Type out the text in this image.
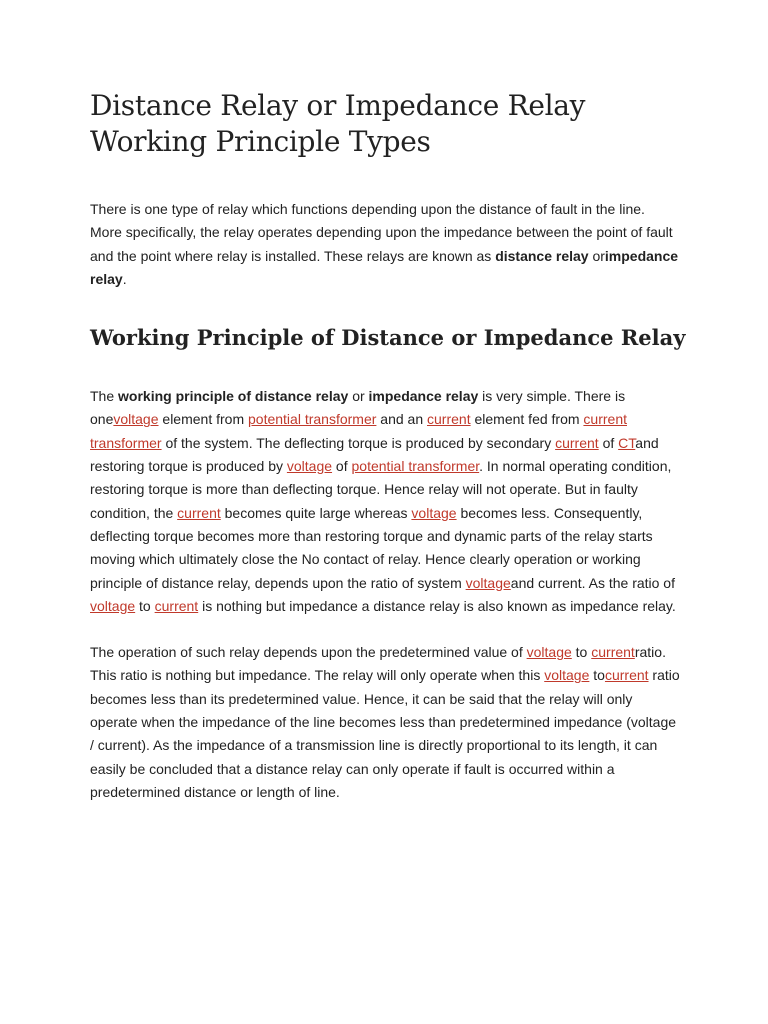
Distance Relay or Impedance Relay Working Principle Types

There is one type of relay which functions depending upon the distance of fault in the line. More specifically, the relay operates depending upon the impedance between the point of fault and the point where relay is installed. These relays are known as distance relay orimpedance relay.

Working Principle of Distance or Impedance Relay

The working principle of distance relay or impedance relay is very simple. There is onevoltage element from potential transformer and an current element fed from current transformer of the system. The deflecting torque is produced by secondary current of CTand restoring torque is produced by voltage of potential transformer. In normal operating condition, restoring torque is more than deflecting torque. Hence relay will not operate. But in faulty condition, the current becomes quite large whereas voltage becomes less. Consequently, deflecting torque becomes more than restoring torque and dynamic parts of the relay starts moving which ultimately close the No contact of relay. Hence clearly operation or working principle of distance relay, depends upon the ratio of system voltageand current. As the ratio of voltage to current is nothing but impedance a distance relay is also known as impedance relay.

The operation of such relay depends upon the predetermined value of voltage to currentratio. This ratio is nothing but impedance. The relay will only operate when this voltage tocurrent ratio becomes less than its predetermined value. Hence, it can be said that the relay will only operate when the impedance of the line becomes less than predetermined impedance (voltage / current). As the impedance of a transmission line is directly proportional to its length, it can easily be concluded that a distance relay can only operate if fault is occurred within a predetermined distance or length of line.
